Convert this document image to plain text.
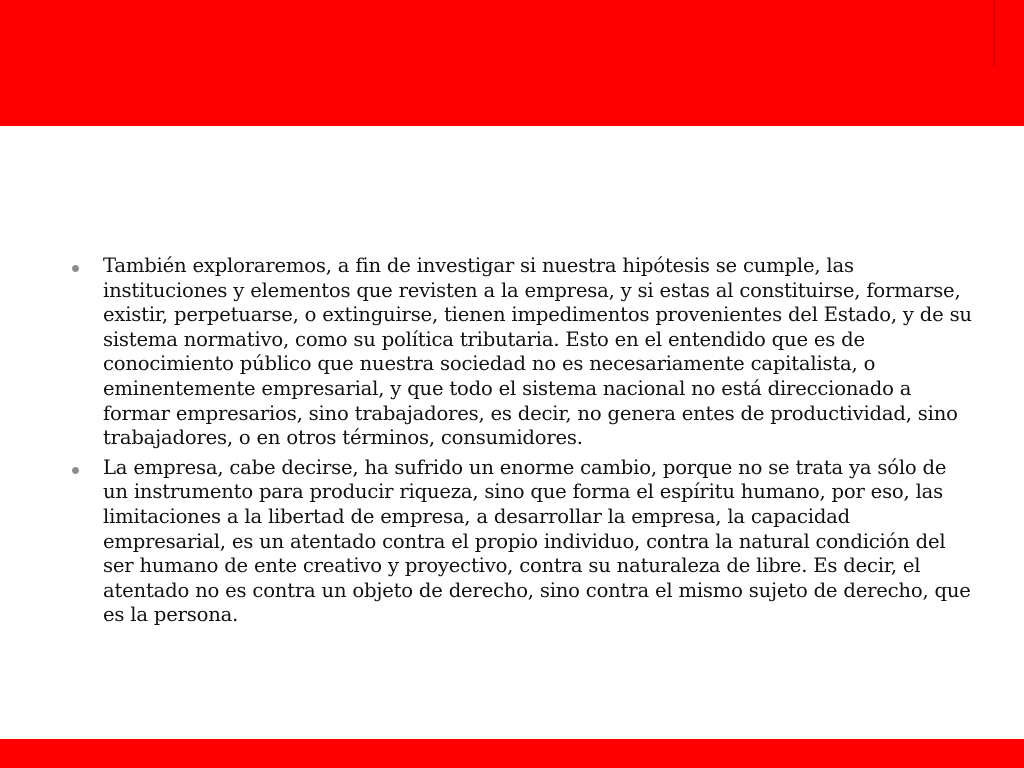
También exploraremos, a fin de investigar si nuestra hipótesis se cumple, las instituciones y elementos que revisten a la empresa, y si estas al constituirse, formarse, existir, perpetuarse, o extinguirse, tienen impedimentos provenientes del Estado, y de su sistema normativo, como su política tributaria. Esto en el entendido que es de conocimiento público que nuestra sociedad no es necesariamente capitalista, o eminentemente empresarial, y que todo el sistema nacional no está direccionado a formar empresarios, sino trabajadores, es decir, no genera entes de productividad, sino trabajadores, o en otros términos, consumidores.
La empresa, cabe decirse, ha sufrido un enorme cambio, porque no se trata ya sólo de un instrumento para producir riqueza, sino que forma el espíritu humano, por eso, las limitaciones a la libertad de empresa, a desarrollar la empresa, la capacidad empresarial, es un atentado contra el propio individuo, contra la natural condición del ser humano de ente creativo y proyectivo, contra su naturaleza de libre. Es decir, el atentado no es contra un objeto de derecho, sino contra el mismo sujeto de derecho, que es la persona.
